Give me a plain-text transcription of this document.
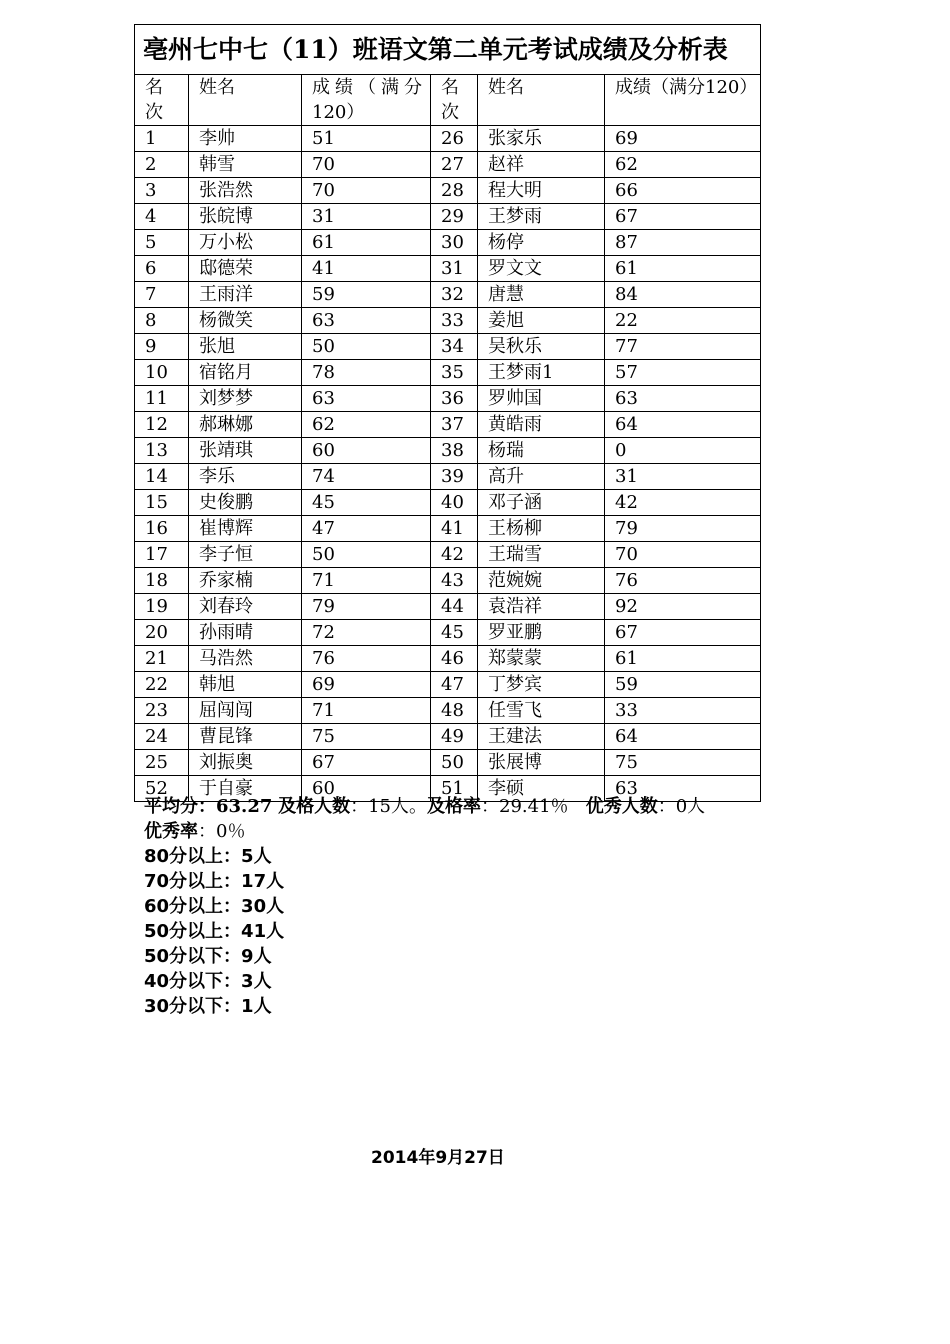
亳州七中七（11）班语文第二单元考试成绩及分析表					
名次	姓名	成绩（满分120）	名次	姓名	成绩（满分120）
1	李帅	51	26	张家乐	69
2	韩雪	70	27	赵祥	62
3	张浩然	70	28	程大明	66
4	张皖博	31	29	王梦雨	67
5	万小松	61	30	杨停	87
6	邸德荣	41	31	罗文文	61
7	王雨洋	59	32	唐慧	84
8	杨微笑	63	33	姜旭	22
9	张旭	50	34	吴秋乐	77
10	宿铭月	78	35	王梦雨1	57
11	刘梦梦	63	36	罗帅国	63
12	郝琳娜	62	37	黄皓雨	64
13	张靖琪	60	38	杨瑞	0
14	李乐	74	39	高升	31
15	史俊鹏	45	40	邓子涵	42
16	崔博辉	47	41	王杨柳	79
17	李子恒	50	42	王瑞雪	70
18	乔家楠	71	43	范婉婉	76
19	刘春玲	79	44	袁浩祥	92
20	孙雨晴	72	45	罗亚鹏	67
21	马浩然	76	46	郑蒙蒙	61
22	韩旭	69	47	丁梦宾	59
23	屈闯闯	71	48	任雪飞	33
24	曹昆锋	75	49	王建法	64
25	刘振奥	67	50	张展博	75
52	于自豪	60	51	李硕	63
平均分：63.27 及格人数：15人。及格率：29.41％ 优秀人数：0人
优秀率：0％
80分以上：5人
70分以上：17人
60分以上：30人
50分以上：41人
50分以下：9人
40分以下：3人
30分以下：1人
2014年9月27日
